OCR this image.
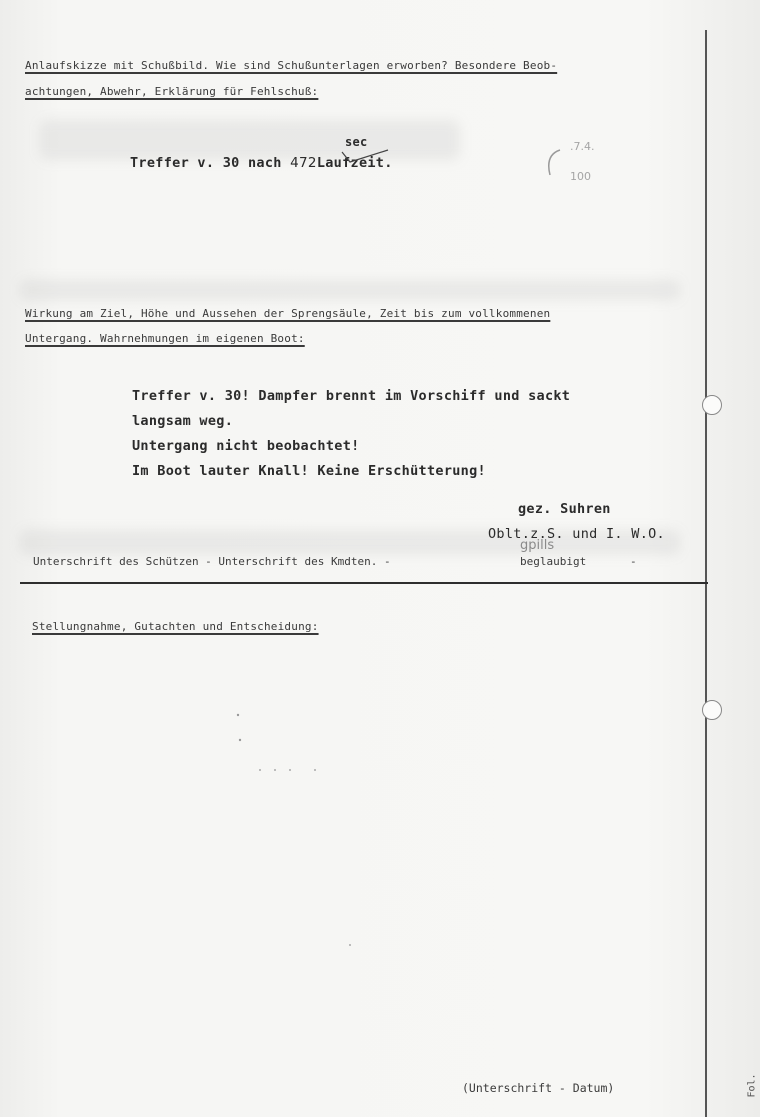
Anlaufskizze mit Schußbild. Wie sind Schußunterlagen erworben? Besondere Beob-
achtungen, Abwehr, Erklärung für Fehlschuß:
Treffer v. 30 nach 472Laufzeit.
sec	.7.4.
100
Wirkung am Ziel, Höhe und Aussehen der Sprengsäule, Zeit bis zum vollkommenen
Untergang. Wahrnehmungen im eigenen Boot:
Treffer v. 30! Dampfer brennt im Vorschiff und sackt
langsam weg.
Untergang nicht beobachtet!
Im Boot lauter Knall! Keine Erschütterung!
gez. Suhren
Oblt.z.S. und I. W.O.
gpills
Unterschrift des Schützen - Unterschrift des Kmdten. -	beglaubigt	-
Stellungnahme, Gutachten und Entscheidung:
(Unterschrift - Datum)	Fol.
